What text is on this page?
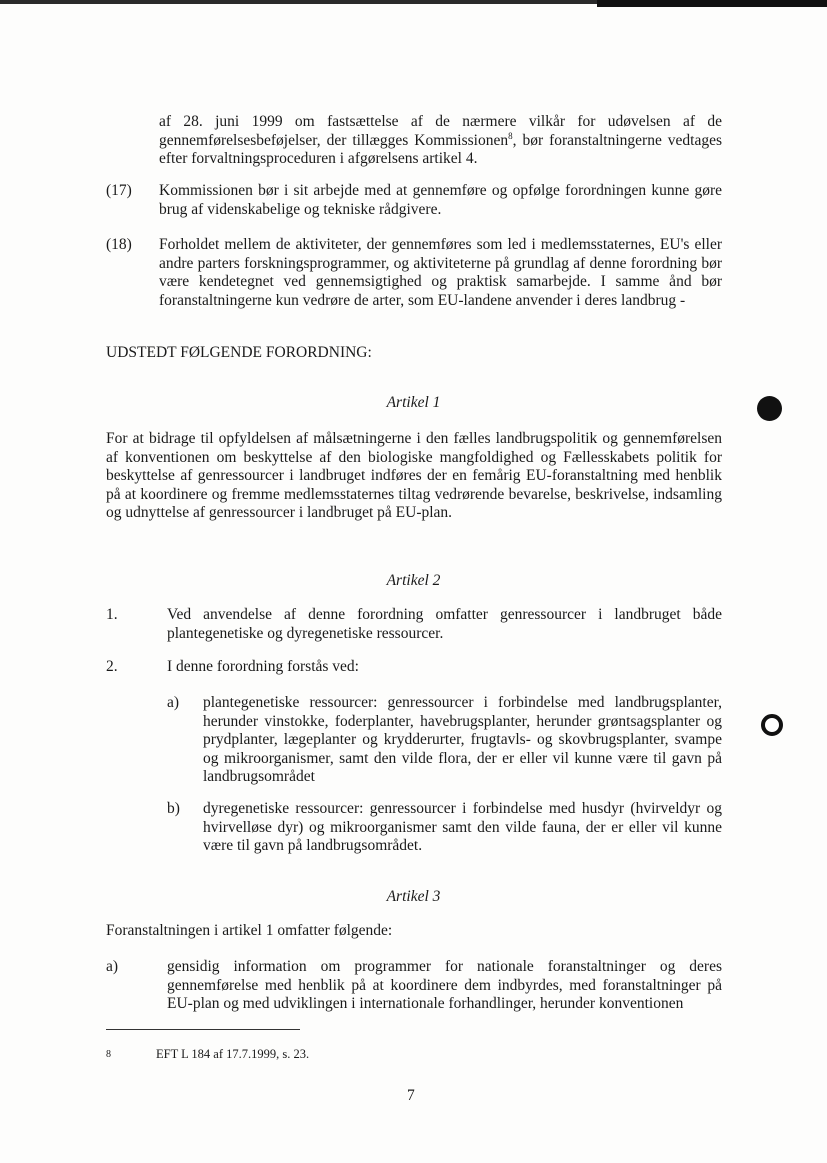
af 28. juni 1999 om fastsættelse af de nærmere vilkår for udøvelsen af de gennemførelsesbeføjelser, der tillægges Kommissionen$^8$, bør foranstaltningerne vedtages efter forvaltningsproceduren i afgørelsens artikel 4.
(17) Kommissionen bør i sit arbejde med at gennemføre og opfølge forordningen kunne gøre brug af videnskabelige og tekniske rådgivere.
(18) Forholdet mellem de aktiviteter, der gennemføres som led i medlemsstaternes, EU's eller andre parters forskningsprogrammer, og aktiviteterne på grundlag af denne forordning bør være kendetegnet ved gennemsigtighed og praktisk samarbejde. I samme ånd bør foranstaltningerne kun vedrøre de arter, som EU-landene anvender i deres landbrug -
UDSTEDT FØLGENDE FORORDNING:
Artikel 1
For at bidrage til opfyldelsen af målsætningerne i den fælles landbrugspolitik og gennemførelsen af konventionen om beskyttelse af den biologiske mangfoldighed og Fællesskabets politik for beskyttelse af genressourcer i landbruget indføres der en femårig EU-foranstaltning med henblik på at koordinere og fremme medlemsstaternes tiltag vedrørende bevarelse, beskrivelse, indsamling og udnyttelse af genressourcer i landbruget på EU-plan.
Artikel 2
1.	Ved anvendelse af denne forordning omfatter genressourcer i landbruget både plantegenetiske og dyregenetiske ressourcer.
2.	I denne forordning forstås ved:
a) plantegenetiske ressourcer: genressourcer i forbindelse med landbrugsplanter, herunder vinstokke, foderplanter, havebrugsplanter, herunder grøntsagsplanter og prydplanter, lægeplanter og krydderurter, frugtavls- og skovbrugsplanter, svampe og mikroorganismer, samt den vilde flora, der er eller vil kunne være til gavn på landbrugsområdet
b) dyregenetiske ressourcer: genressourcer i forbindelse med husdyr (hvirveldyr og hvirvelløse dyr) og mikroorganismer samt den vilde fauna, der er eller vil kunne være til gavn på landbrugsområdet.
Artikel 3
Foranstaltningen i artikel 1 omfatter følgende:
a)	gensidig information om programmer for nationale foranstaltninger og deres gennemførelse med henblik på at koordinere dem indbyrdes, med foranstaltninger på EU-plan og med udviklingen i internationale forhandlinger, herunder konventionen
8	EFT L 184 af 17.7.1999, s. 23.
7
